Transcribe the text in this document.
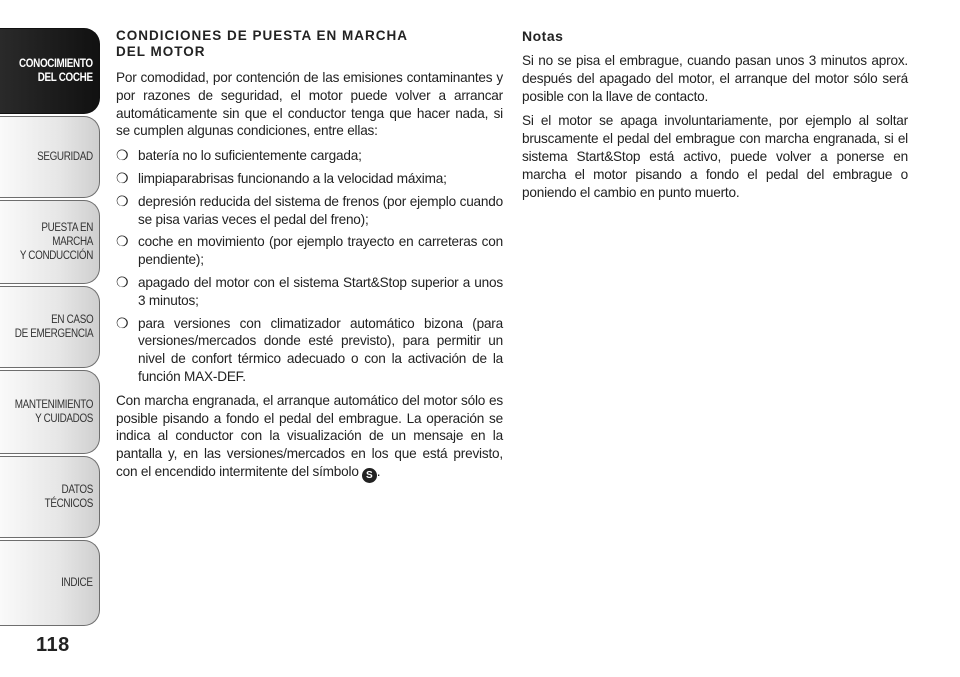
CONOCIMIENTO
DEL COCHE
SEGURIDAD
PUESTA EN MARCHA
Y CONDUCCIÓN
EN CASO
DE EMERGENCIA
MANTENIMIENTO
Y CUIDADOS
DATOS TÉCNICOS
INDICE
118
CONDICIONES DE PUESTA EN MARCHA
DEL MOTOR

Por comodidad, por contención de las emisiones contaminantes y por razones de seguridad, el motor puede volver a arrancar automáticamente sin que el conductor tenga que hacer nada, si se cumplen algunas condiciones, entre ellas:

❍ batería no lo suficientemente cargada;
❍ limpiaparabrisas funcionando a la velocidad máxima;
❍ depresión reducida del sistema de frenos (por ejemplo cuando se pisa varias veces el pedal del freno);
❍ coche en movimiento (por ejemplo trayecto en carreteras con pendiente);
❍ apagado del motor con el sistema Start&Stop superior a unos 3 minutos;
❍ para versiones con climatizador automático bizona (para versiones/mercados donde esté previsto), para permitir un nivel de confort térmico adecuado o con la activación de la función MAX-DEF.

Con marcha engranada, el arranque automático del motor sólo es posible pisando a fondo el pedal del embrague. La operación se indica al conductor con la visualización de un mensaje en la pantalla y, en las versiones/mercados en los que está previsto, con el encendido intermitente del símbolo S .

Notas

Si no se pisa el embrague, cuando pasan unos 3 minutos aprox. después del apagado del motor, el arranque del motor sólo será posible con la llave de contacto.

Si el motor se apaga involuntariamente, por ejemplo al soltar bruscamente el pedal del embrague con marcha engranada, si el sistema Start&Stop está activo, puede volver a ponerse en marcha el motor pisando a fondo el pedal del embrague o poniendo el cambio en punto muerto.
